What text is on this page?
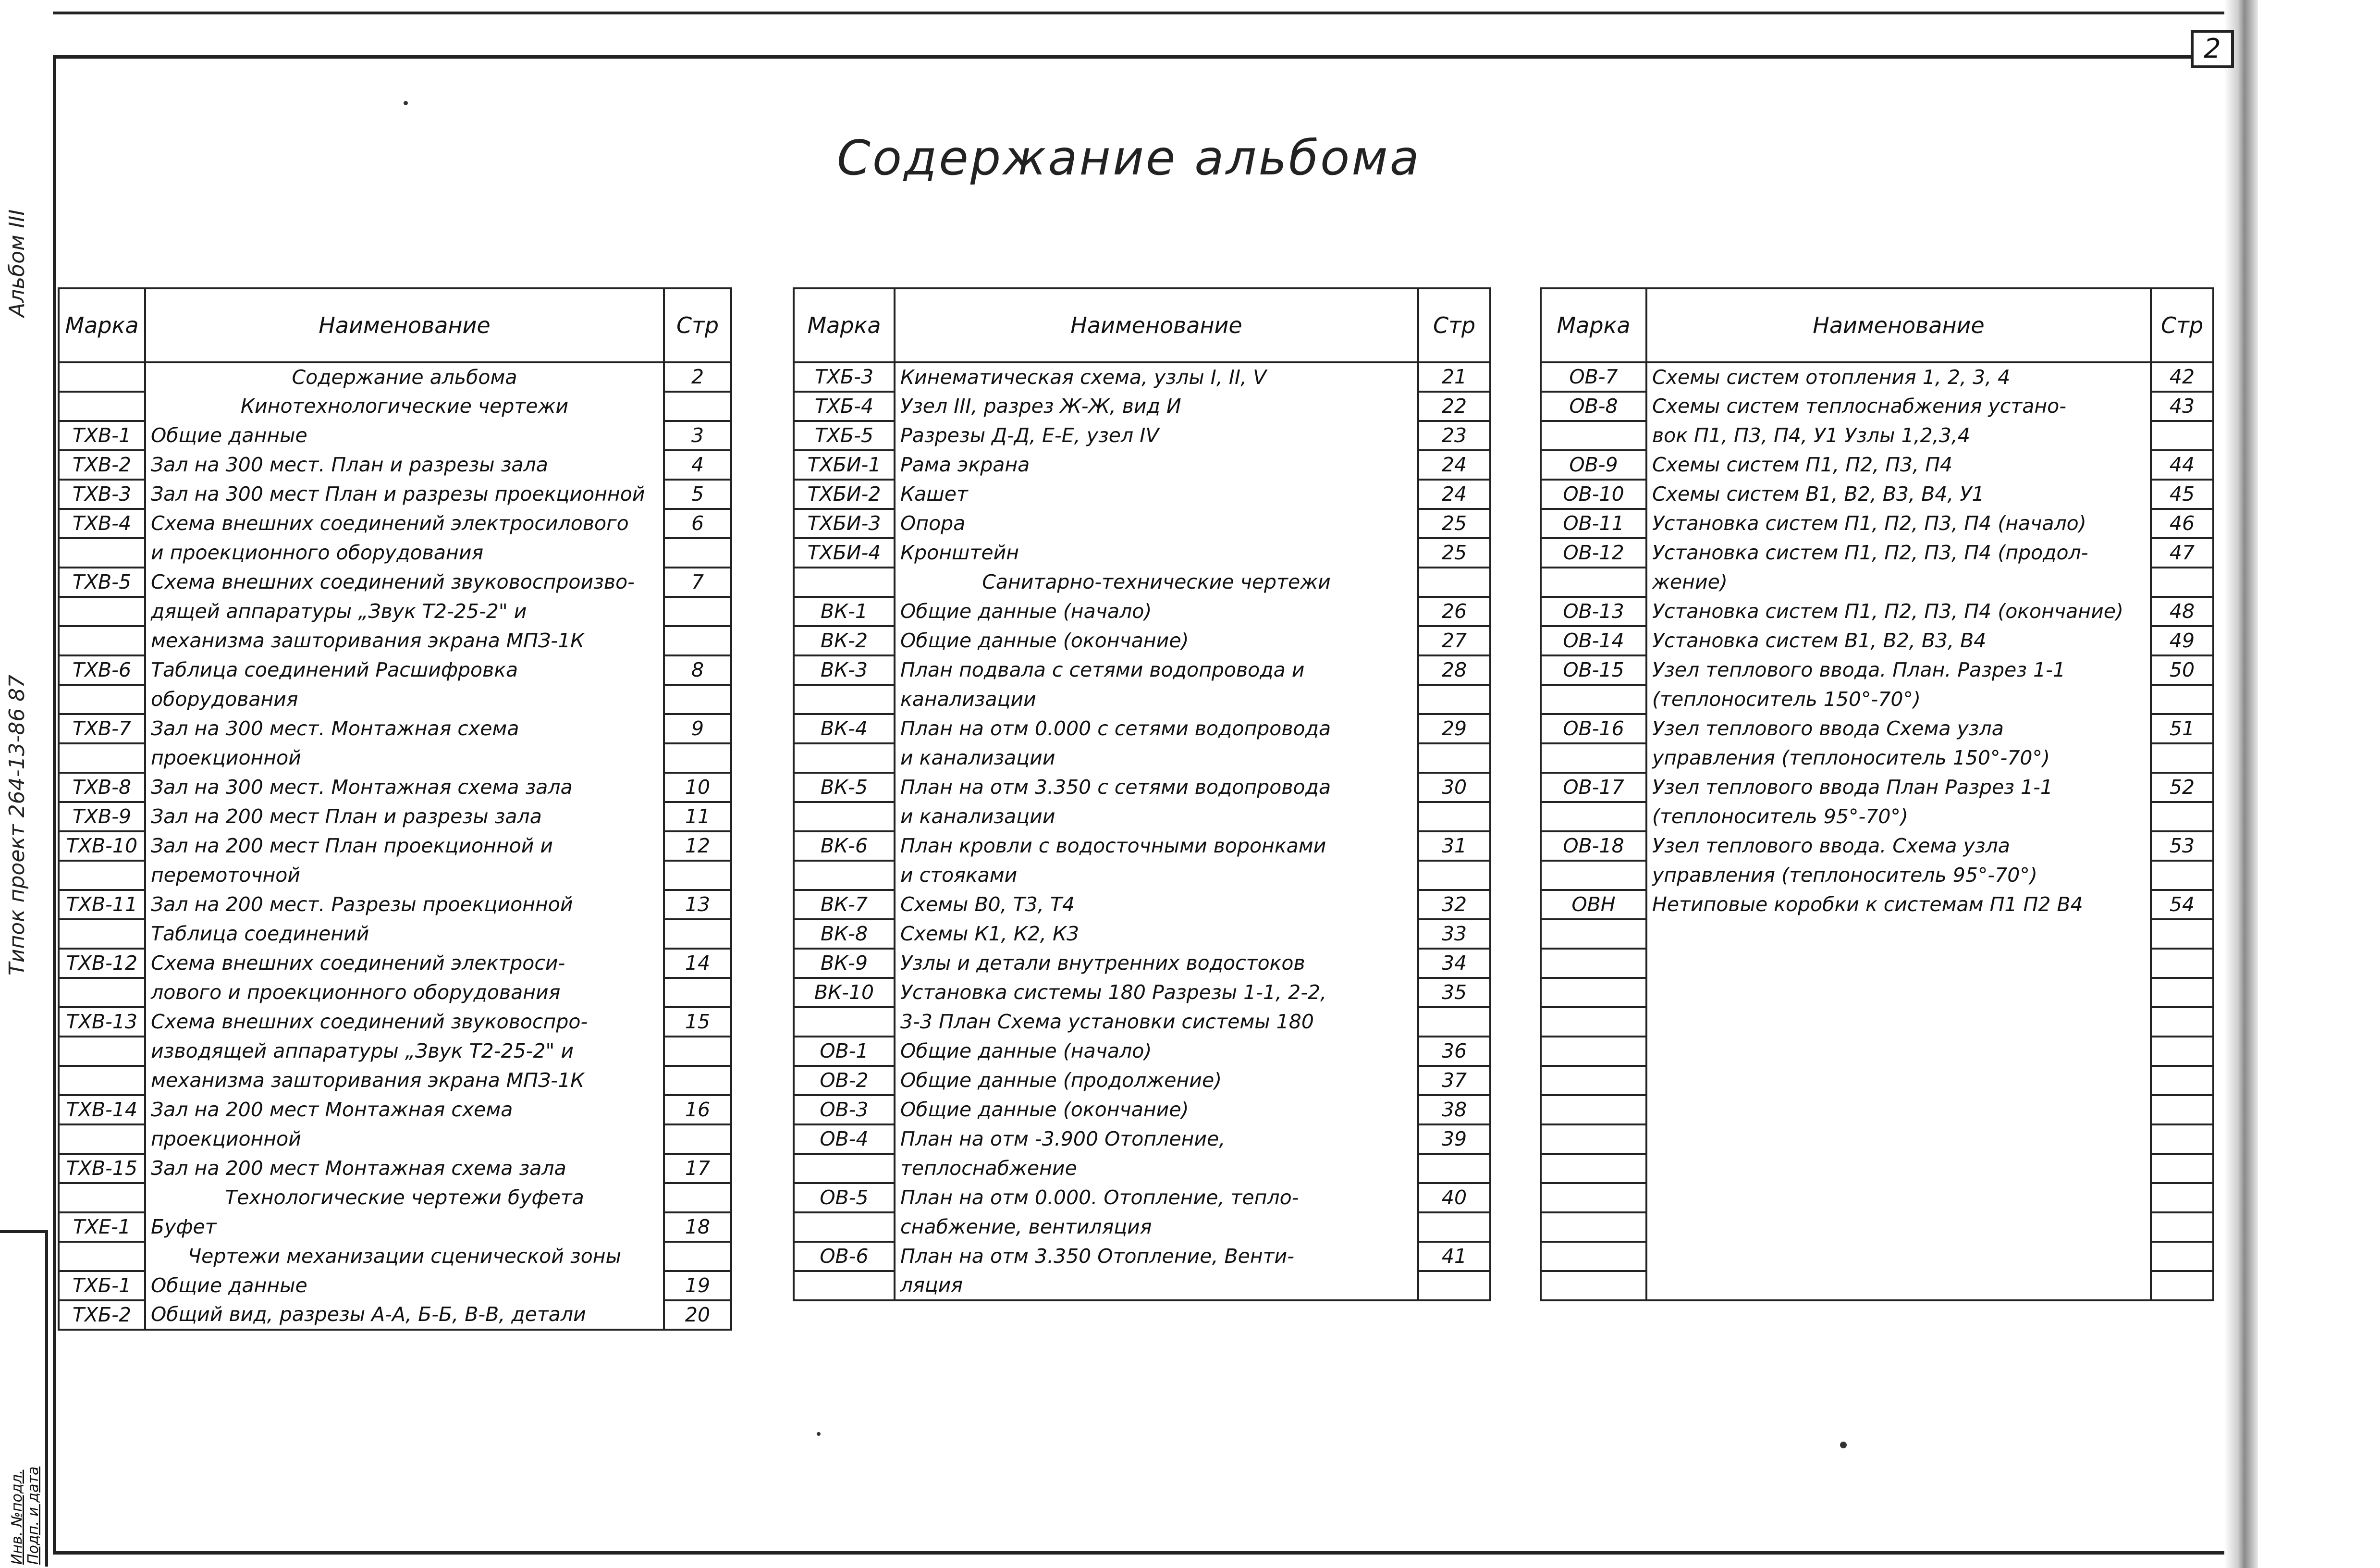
2
Содержание альбома
Альбом III
Типок проект 264-13-86 87
Инв. №подл. Подп. и дата
Марка	Наименование	Стр
	Содержание альбома	2
	Кинотехнологические чертежи	
ТХВ-1	Общие данные	3
ТХВ-2	Зал на 300 мест. План и разрезы зала	4
ТХВ-3	Зал на 300 мест План и разрезы проекционной	5
ТХВ-4	Схема внешних соединений электросилового	6
	и проекционного оборудования	
ТХВ-5	Схема внешних соединений звуковоспроизво-	7
	дящей аппаратуры „Звук Т2-25-2" и	
	механизма зашторивания экрана МПЗ-1К	
ТХВ-6	Таблица соединений Расшифровка	8
	оборудования	
ТХВ-7	Зал на 300 мест. Монтажная схема	9
	проекционной	
ТХВ-8	Зал на 300 мест. Монтажная схема зала	10
ТХВ-9	Зал на 200 мест План и разрезы зала	11
ТХВ-10	Зал на 200 мест План проекционной и	12
	перемоточной	
ТХВ-11	Зал на 200 мест. Разрезы проекционной	13
	Таблица соединений	
ТХВ-12	Схема внешних соединений электроси-	14
	лового и проекционного оборудования	
ТХВ-13	Схема внешних соединений звуковоспро-	15
	изводящей аппаратуры „Звук Т2-25-2" и	
	механизма зашторивания экрана МПЗ-1К	
ТХВ-14	Зал на 200 мест Монтажная схема	16
	проекционной	
ТХВ-15	Зал на 200 мест Монтажная схема зала	17
	Технологические чертежи буфета	
ТХЕ-1	Буфет	18
	Чертежи механизации сценической зоны	
ТХБ-1	Общие данные	19
ТХБ-2	Общий вид, разрезы А-А, Б-Б, В-В, детали	20
Марка	Наименование	Стр
ТХБ-3	Кинематическая схема, узлы I, II, V	21
ТХБ-4	Узел III, разрез Ж-Ж, вид И	22
ТХБ-5	Разрезы Д-Д, Е-Е, узел IV	23
ТХБИ-1	Рама экрана	24
ТХБИ-2	Кашет	24
ТХБИ-3	Опора	25
ТХБИ-4	Кронштейн	25
	Санитарно-технические чертежи	
ВК-1	Общие данные (начало)	26
ВК-2	Общие данные (окончание)	27
ВК-3	План подвала с сетями водопровода и	28
	канализации	
ВК-4	План на отм 0.000 с сетями водопровода	29
	и канализации	
ВК-5	План на отм 3.350 с сетями водопровода	30
	и канализации	
ВК-6	План кровли с водосточными воронками	31
	и стояками	
ВК-7	Схемы В0, Т3, Т4	32
ВК-8	Схемы К1, К2, К3	33
ВК-9	Узлы и детали внутренних водостоков	34
ВК-10	Установка системы 180 Разрезы 1-1, 2-2,	35
	3-3 План Схема установки системы 180	
ОВ-1	Общие данные (начало)	36
ОВ-2	Общие данные (продолжение)	37
ОВ-3	Общие данные (окончание)	38
ОВ-4	План на отм -3.900 Отопление,	39
	теплоснабжение	
ОВ-5	План на отм 0.000. Отопление, тепло-	40
	снабжение, вентиляция	
ОВ-6	План на отм 3.350 Отопление, Венти-	41
	ляция	
Марка	Наименование	Стр
ОВ-7	Схемы систем отопления 1, 2, 3, 4	42
ОВ-8	Схемы систем теплоснабжения устано-	43
	вок П1, П3, П4, У1 Узлы 1,2,3,4	
ОВ-9	Схемы систем П1, П2, П3, П4	44
ОВ-10	Схемы систем В1, В2, В3, В4, У1	45
ОВ-11	Установка систем П1, П2, П3, П4 (начало)	46
ОВ-12	Установка систем П1, П2, П3, П4 (продол-	47
	жение)	
ОВ-13	Установка систем П1, П2, П3, П4 (окончание)	48
ОВ-14	Установка систем В1, В2, В3, В4	49
ОВ-15	Узел теплового ввода. План. Разрез 1-1	50
	(теплоноситель 150°-70°)	
ОВ-16	Узел теплового ввода Схема узла	51
	управления (теплоноситель 150°-70°)	
ОВ-17	Узел теплового ввода План Разрез 1-1	52
	(теплоноситель 95°-70°)	
ОВ-18	Узел теплового ввода. Схема узла	53
	управления (теплоноситель 95°-70°)	
ОВН	Нетиповые коробки к системам П1 П2 В4	54
